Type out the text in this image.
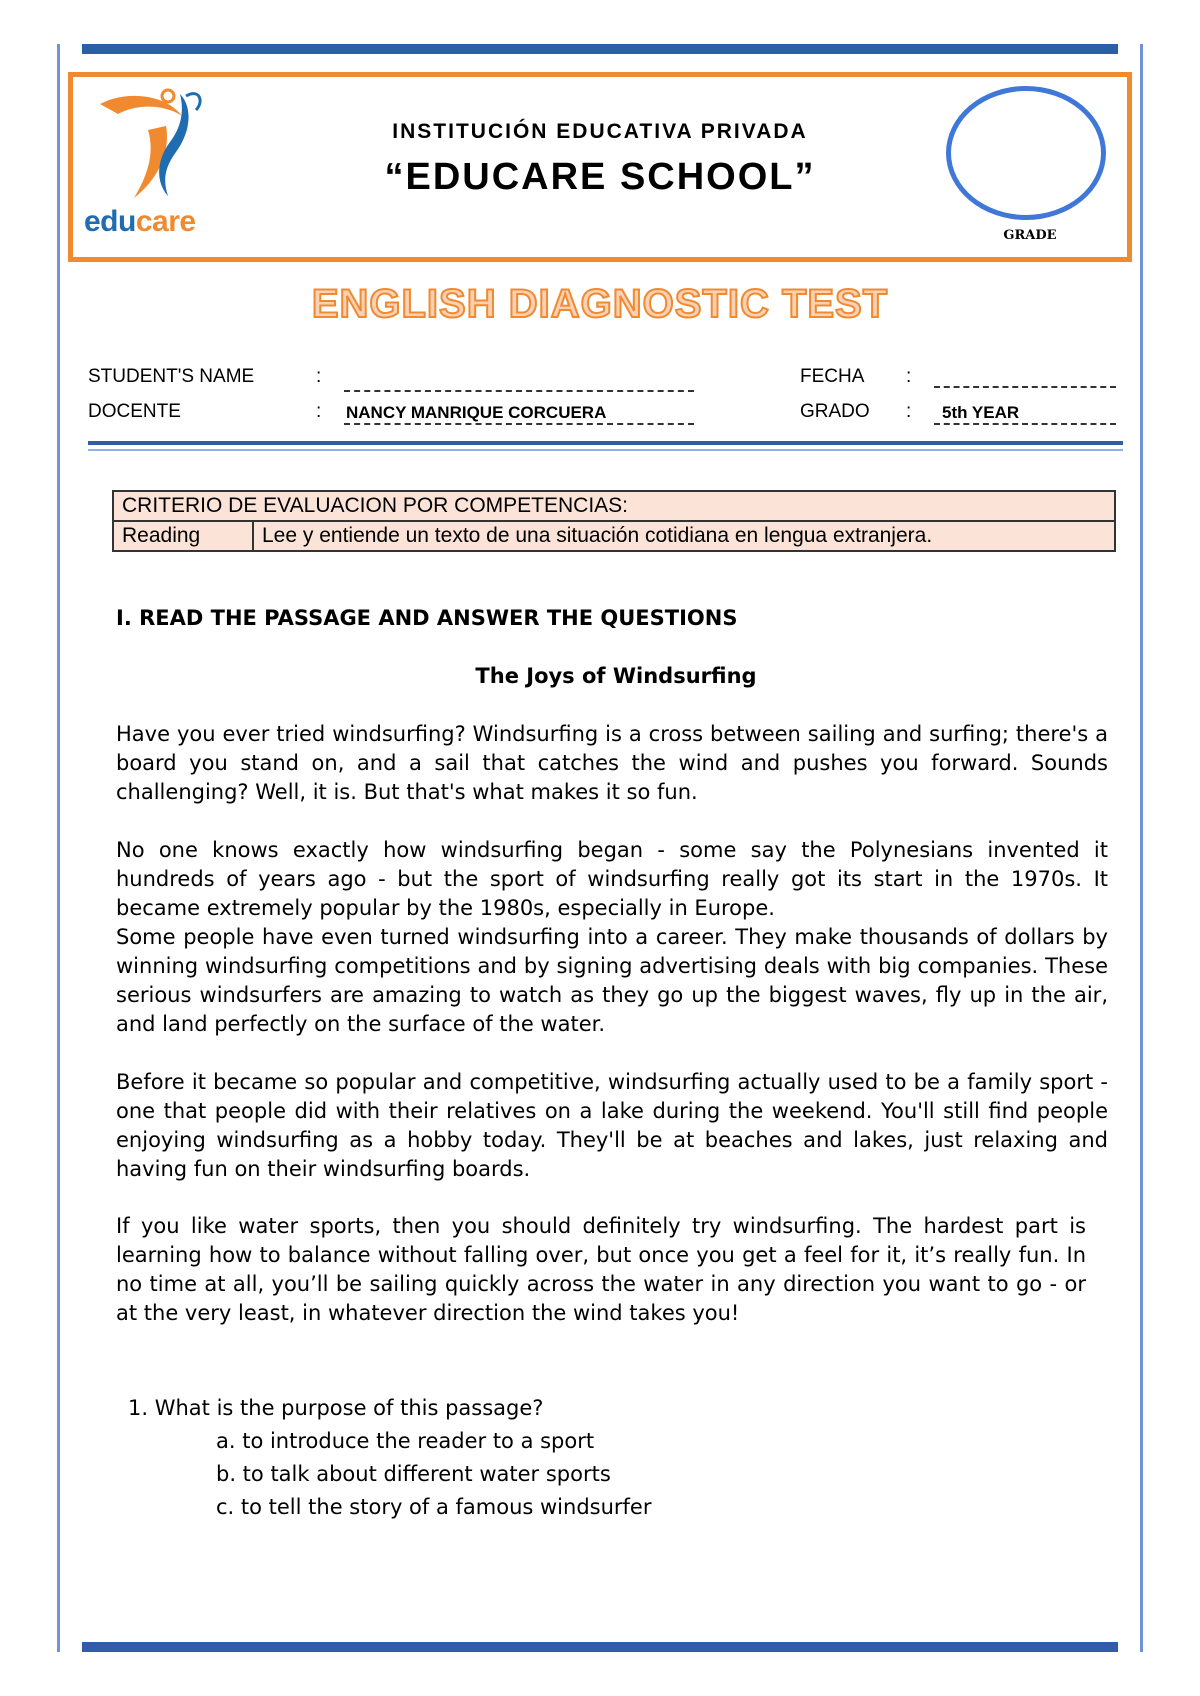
educare
INSTITUCIÓN EDUCATIVA PRIVADA
“EDUCARE SCHOOL”
GRADE
ENGLISH DIAGNOSTIC TEST
STUDENT'S NAME	:	FECHA :
DOCENTE	: NANCY MANRIQUE CORCUERA	GRADO : 5th YEAR
CRITERIO DE EVALUACION POR COMPETENCIAS:
Reading	Lee y entiende un texto de una situación cotidiana en lengua extranjera.
I. READ THE PASSAGE AND ANSWER THE QUESTIONS
The Joys of Windsurfing
Have you ever tried windsurfing? Windsurfing is a cross between sailing and surfing; there's a board you stand on, and a sail that catches the wind and pushes you forward. Sounds challenging? Well, it is. But that's what makes it so fun.
No one knows exactly how windsurfing began - some say the Polynesians invented it hundreds of years ago - but the sport of windsurfing really got its start in the 1970s. It became extremely popular by the 1980s, especially in Europe.
Some people have even turned windsurfing into a career. They make thousands of dollars by winning windsurfing competitions and by signing advertising deals with big companies. These serious windsurfers are amazing to watch as they go up the biggest waves, fly up in the air, and land perfectly on the surface of the water.
Before it became so popular and competitive, windsurfing actually used to be a family sport - one that people did with their relatives on a lake during the weekend. You'll still find people enjoying windsurfing as a hobby today. They'll be at beaches and lakes, just relaxing and having fun on their windsurfing boards.
If you like water sports, then you should definitely try windsurfing. The hardest part is learning how to balance without falling over, but once you get a feel for it, it’s really fun. In no time at all, you’ll be sailing quickly across the water in any direction you want to go - or at the very least, in whatever direction the wind takes you!
1. What is the purpose of this passage?
a. to introduce the reader to a sport
b. to talk about different water sports
c. to tell the story of a famous windsurfer
